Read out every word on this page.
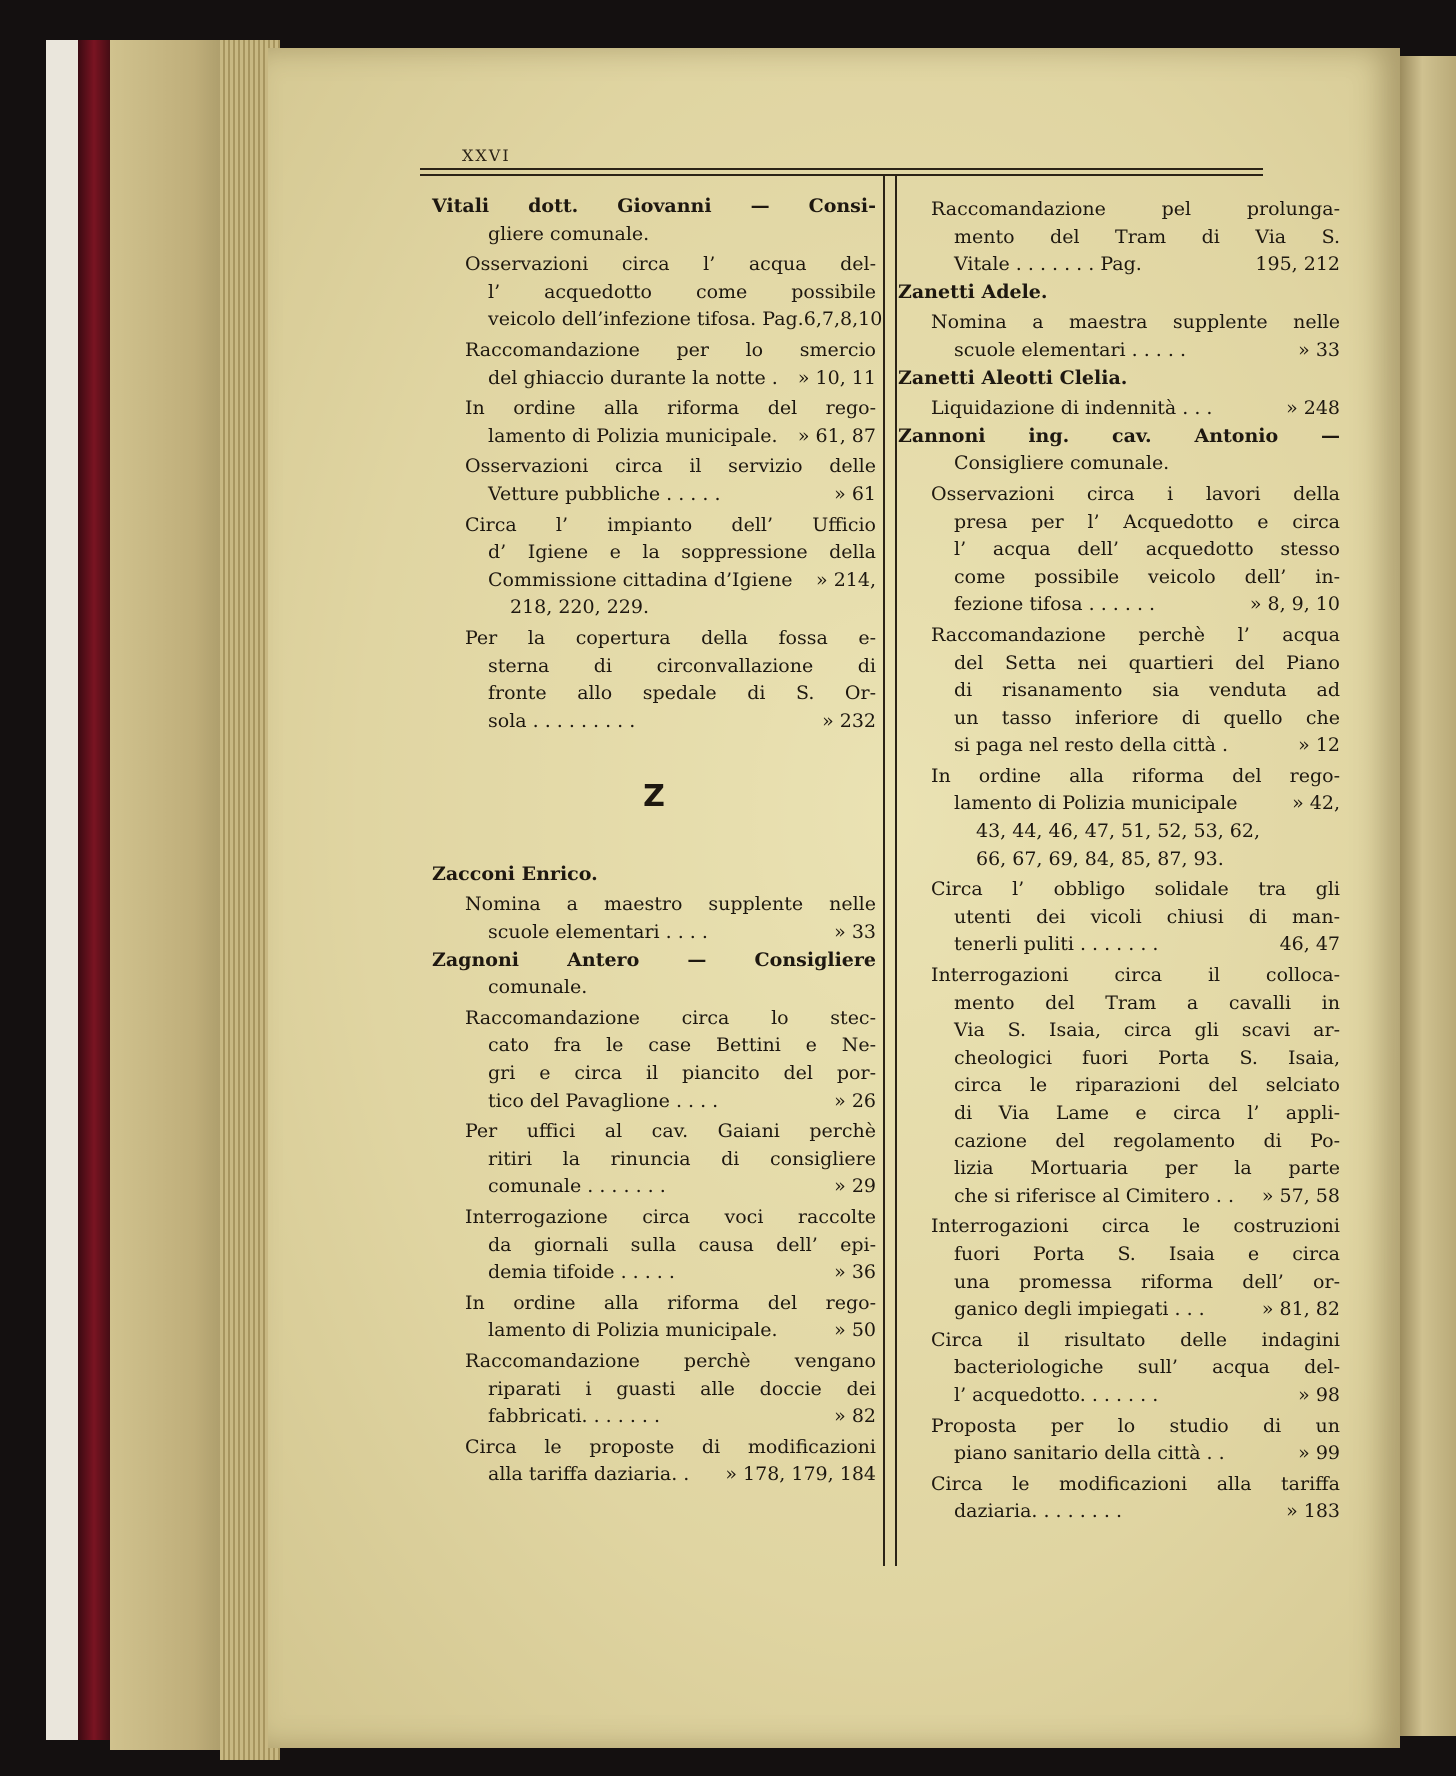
XXVI
Vitali dott. Giovanni — Consi-
gliere comunale.
Osservazioni circa l’ acqua del-
l’ acquedotto come possibile
veicolo dell’infezione tifosa. Pag. 6,7,8,10
Raccomandazione per lo smercio
del ghiaccio durante la notte . » 10, 11
In ordine alla riforma del rego-
lamento di Polizia municipale. » 61, 87
Osservazioni circa il servizio delle
Vetture pubbliche . . . . .	» 61
Circa l’ impianto dell’ Ufficio
d’ Igiene e la soppressione della
Commissione cittadina d’Igiene » 214,
218, 220, 229.
Per la copertura della fossa e-
sterna di circonvallazione di
fronte allo spedale di S. Or-
sola . . . . . . . . .	» 232
Z
Zacconi Enrico.
Nomina a maestro supplente nelle
scuole elementari . . . .	» 33
Zagnoni Antero — Consigliere
comunale.
Raccomandazione circa lo stec-
cato fra le case Bettini e Ne-
gri e circa il piancito del por-
tico del Pavaglione . . . .	» 26
Per uffici al cav. Gaiani perchè
ritiri la rinuncia di consigliere
comunale . . . . . . .	» 29
Interrogazione circa voci raccolte
da giornali sulla causa dell’ epi-
demia tifoide . . . . .	» 36
In ordine alla riforma del rego-
lamento di Polizia municipale.	» 50
Raccomandazione perchè vengano
riparati i guasti alle doccie dei
fabbricati. . . . . . .	» 82
Circa le proposte di modificazioni
alla tariffa daziaria. . » 178, 179, 184
Raccomandazione pel prolunga-
mento del Tram di Via S.
Vitale . . . . . . . Pag.	195, 212
Zanetti Adele.
Nomina a maestra supplente nelle
scuole elementari . . . . .	» 33
Zanetti Aleotti Clelia.
Liquidazione di indennità . . .	» 248
Zannoni ing. cav. Antonio —
Consigliere comunale.
Osservazioni circa i lavori della
presa per l’ Acquedotto e circa
l’ acqua dell’ acquedotto stesso
come possibile veicolo dell’ in-
fezione tifosa . . . . . .	» 8, 9, 10
Raccomandazione perchè l’ acqua
del Setta nei quartieri del Piano
di risanamento sia venduta ad
un tasso inferiore di quello che
si paga nel resto della città .	» 12
In ordine alla riforma del rego-
lamento di Polizia municipale	» 42,
43, 44, 46, 47, 51, 52, 53, 62,
66, 67, 69, 84, 85, 87, 93.
Circa l’ obbligo solidale tra gli
utenti dei vicoli chiusi di man-
tenerli puliti . . . . . . .	46, 47
Interrogazioni circa il colloca-
mento del Tram a cavalli in
Via S. Isaia, circa gli scavi ar-
cheologici fuori Porta S. Isaia,
circa le riparazioni del selciato
di Via Lame e circa l’ appli-
cazione del regolamento di Po-
lizia Mortuaria per la parte
che si riferisce al Cimitero . . » 57, 58
Interrogazioni circa le costruzioni
fuori Porta S. Isaia e circa
una promessa riforma dell’ or-
ganico degli impiegati . . .	» 81, 82
Circa il risultato delle indagini
bacteriologiche sull’ acqua del-
l’ acquedotto. . . . . . .	» 98
Proposta per lo studio di un
piano sanitario della città . .	» 99
Circa le modificazioni alla tariffa
daziaria. . . . . . . .	» 183
